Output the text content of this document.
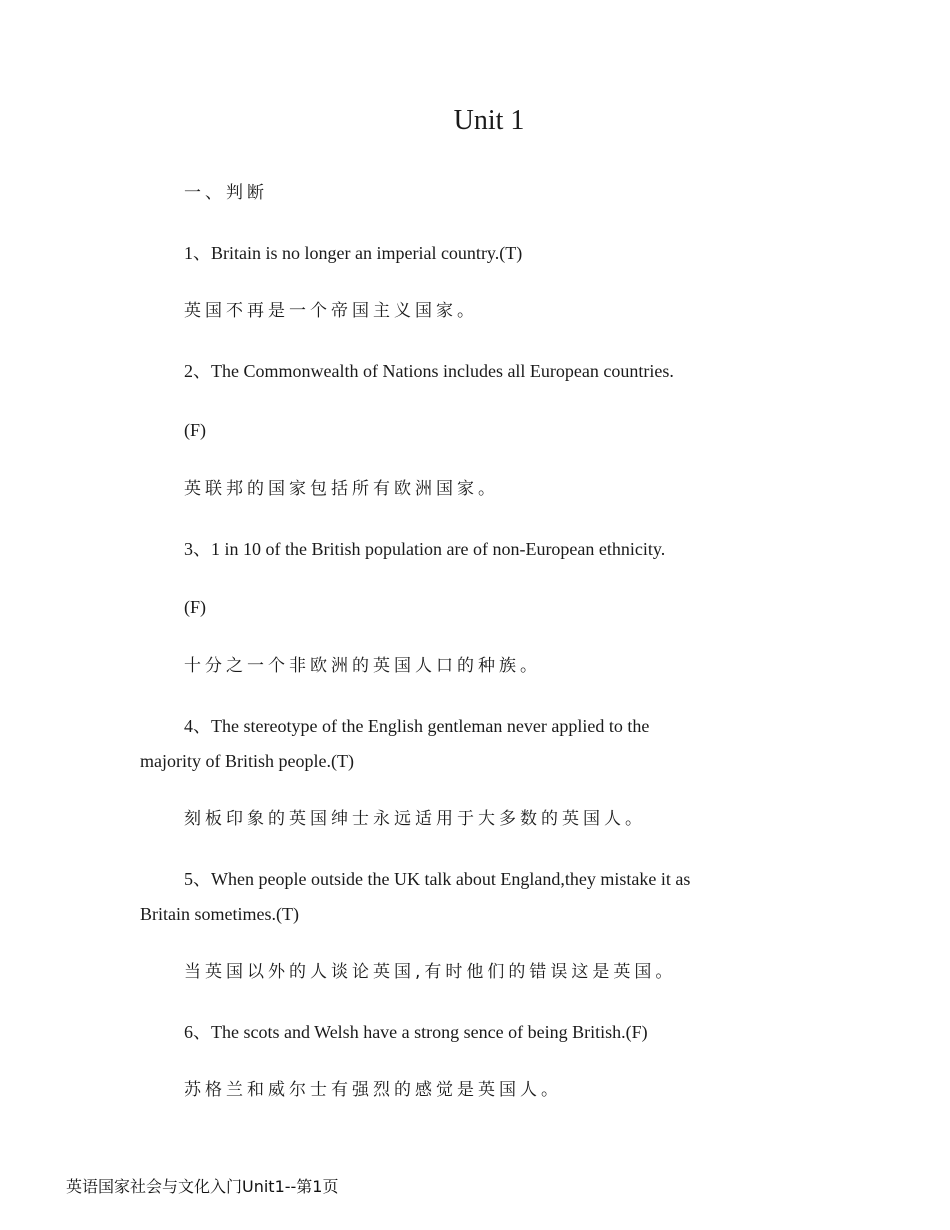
Unit 1
一、判断
1、Britain is no longer an imperial country.(T)
英国不再是一个帝国主义国家。
2、The Commonwealth of Nations includes all European countries.
(F)
英联邦的国家包括所有欧洲国家。
3、1 in 10 of the British population are of non-European ethnicity.
(F)
十分之一个非欧洲的英国人口的种族。
4、The stereotype of the English gentleman never applied to the
majority of British people.(T)
刻板印象的英国绅士永远适用于大多数的英国人。
5、When people outside the UK talk about England,they mistake it as
Britain sometimes.(T)
当英国以外的人谈论英国,有时他们的错误这是英国。
6、The scots and Welsh have a strong sence of being British.(F)
苏格兰和威尔士有强烈的感觉是英国人。
英语国家社会与文化入门Unit1--第1页
